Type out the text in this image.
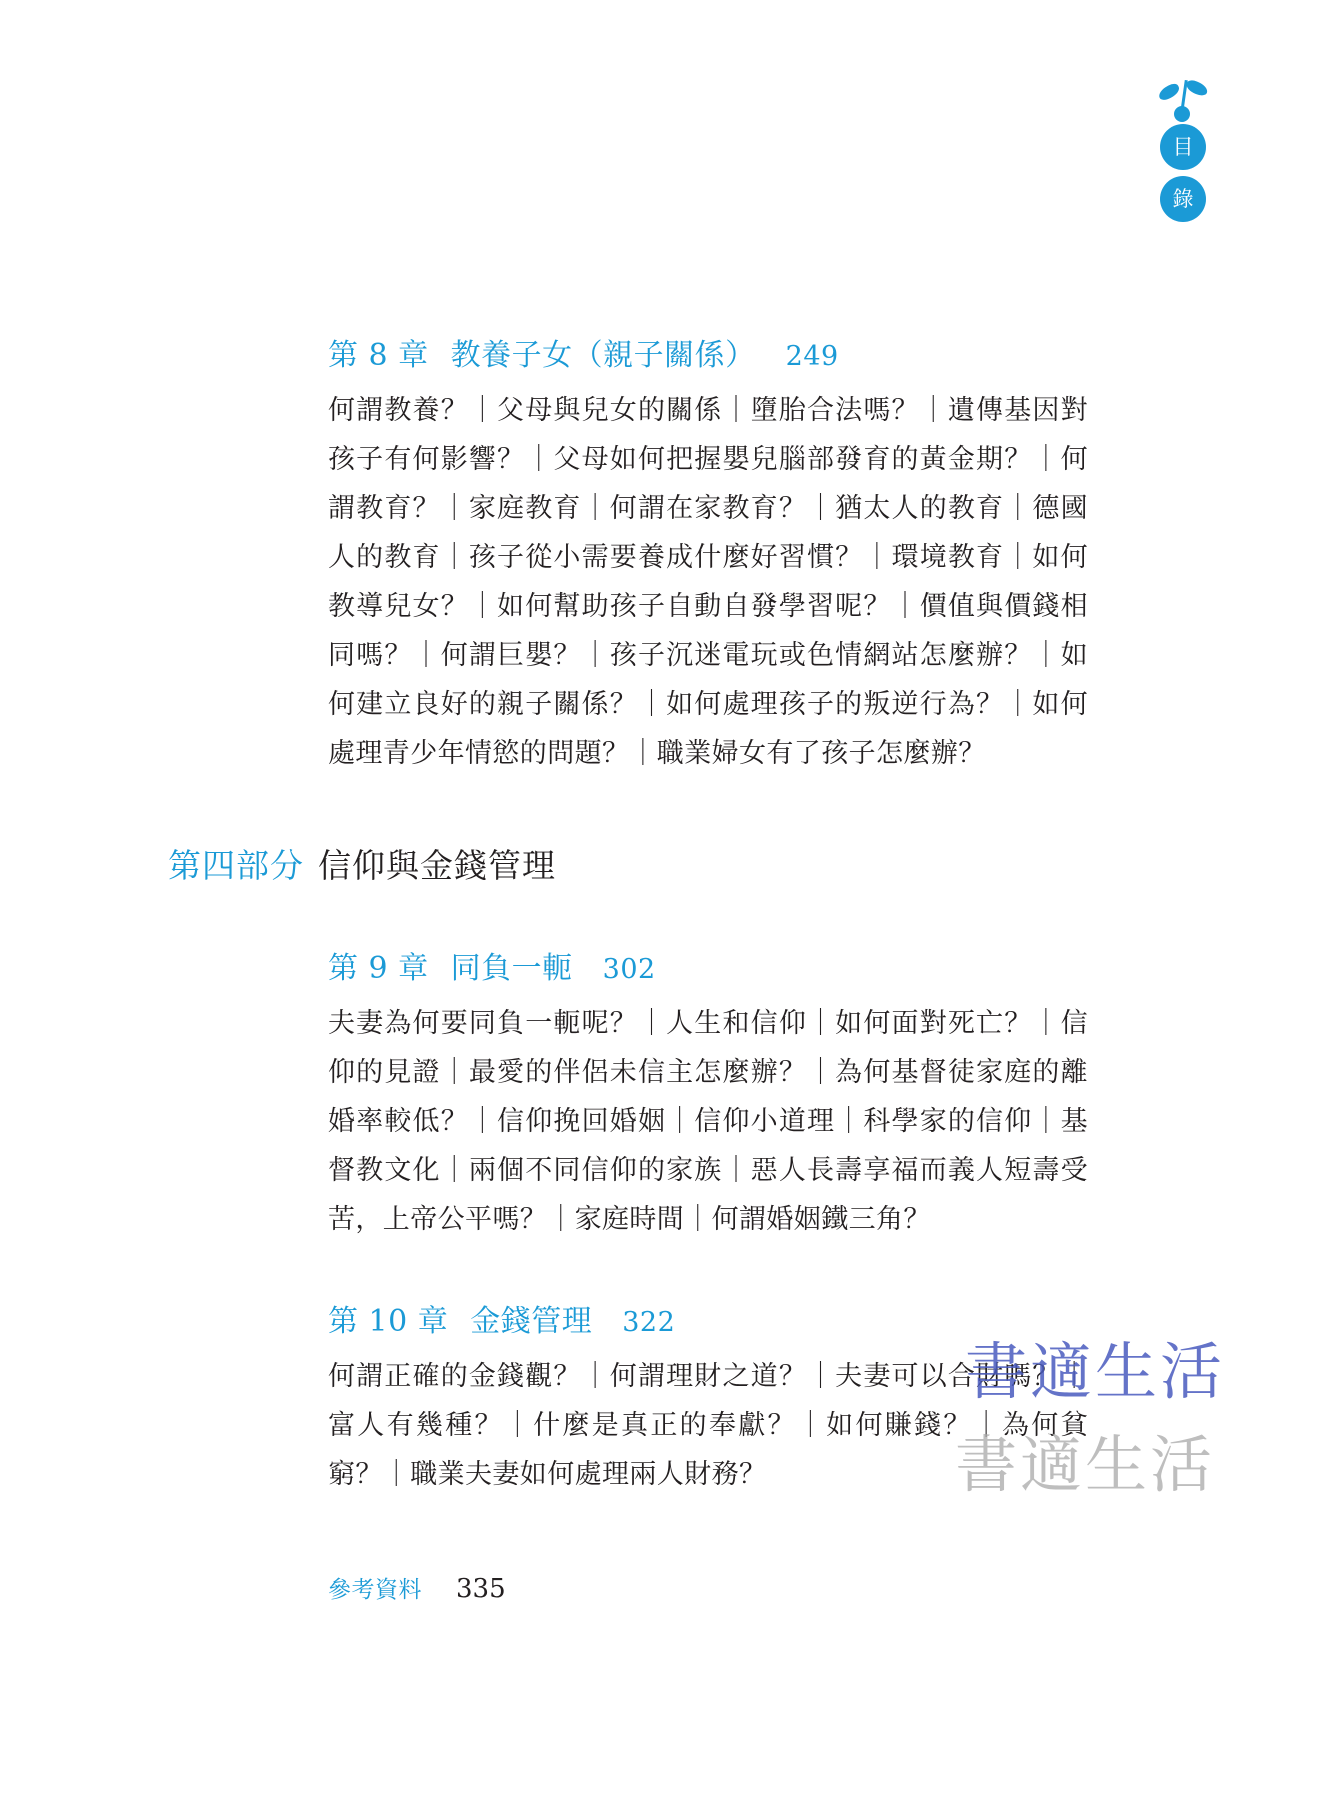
目
錄
第 8 章 教養子女（親子關係） 249
何謂教養？｜父母與兒女的關係｜墮胎合法嗎？｜遺傳基因對孩子有何影響？｜父母如何把握嬰兒腦部發育的黃金期？｜何謂教育？｜家庭教育｜何謂在家教育？｜猶太人的教育｜德國人的教育｜孩子從小需要養成什麼好習慣？｜環境教育｜如何教導兒女？｜如何幫助孩子自動自發學習呢？｜價值與價錢相同嗎？｜何謂巨嬰？｜孩子沉迷電玩或色情網站怎麼辦？｜如何建立良好的親子關係？｜如何處理孩子的叛逆行為？｜如何處理青少年情慾的問題？｜職業婦女有了孩子怎麼辦？
第四部分 信仰與金錢管理
第 9 章 同負一軛 302
夫妻為何要同負一軛呢？｜人生和信仰｜如何面對死亡？｜信仰的見證｜最愛的伴侶未信主怎麼辦？｜為何基督徒家庭的離婚率較低？｜信仰挽回婚姻｜信仰小道理｜科學家的信仰｜基督教文化｜兩個不同信仰的家族｜惡人長壽享福而義人短壽受苦，上帝公平嗎？｜家庭時間｜何謂婚姻鐵三角？
第 10 章 金錢管理 322
何謂正確的金錢觀？｜何謂理財之道？｜夫妻可以合財嗎？｜富人有幾種？｜什麼是真正的奉獻？｜如何賺錢？｜為何貧窮？｜職業夫妻如何處理兩人財務？
參考資料 335
書適生活
書適生活
